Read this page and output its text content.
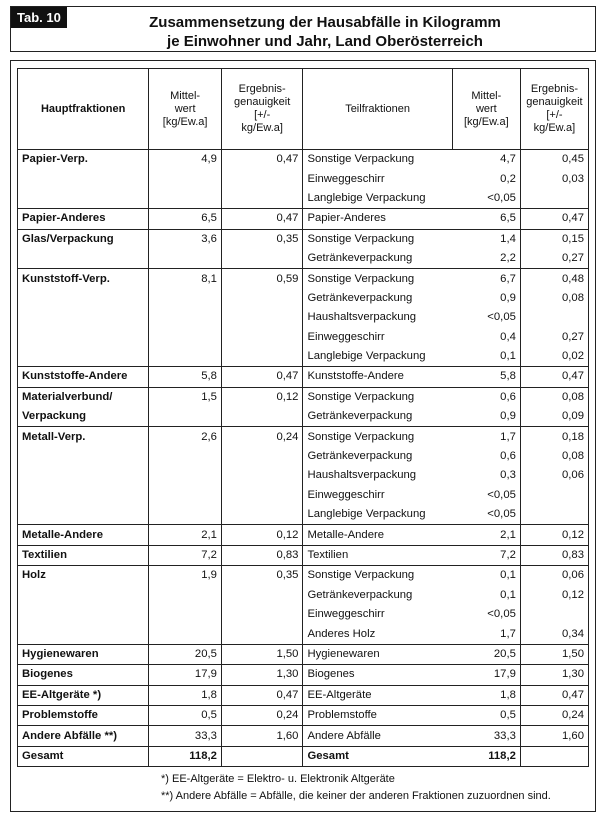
Tab. 10	Zusammensetzung der Hausabfälle in Kilogramm
je Einwohner und Jahr, Land Oberösterreich
Hauptfraktionen	Mittel-
wert
[kg/Ew.a]	Ergebnis-
genauigkeit
[+/-
kg/Ew.a]	Teilfraktionen	Mittel-
wert
[kg/Ew.a]	Ergebnis-
genauigkeit
[+/-
kg/Ew.a]
Papier-Verp.	4,9	0,47	Sonstige Verpackung	4,7	0,45
			Einweggeschirr	0,2	0,03
			Langlebige Verpackung	<0,05	
Papier-Anderes	6,5	0,47	Papier-Anderes	6,5	0,47
Glas/Verpackung	3,6	0,35	Sonstige Verpackung	1,4	0,15
			Getränkeverpackung	2,2	0,27
Kunststoff-Verp.	8,1	0,59	Sonstige Verpackung	6,7	0,48
			Getränkeverpackung	0,9	0,08
			Haushaltsverpackung	<0,05	
			Einweggeschirr	0,4	0,27
			Langlebige Verpackung	0,1	0,02
Kunststoffe-Andere	5,8	0,47	Kunststoffe-Andere	5,8	0,47
Materialverbund/	1,5	0,12	Sonstige Verpackung	0,6	0,08
Verpackung			Getränkeverpackung	0,9	0,09
Metall-Verp.	2,6	0,24	Sonstige Verpackung	1,7	0,18
			Getränkeverpackung	0,6	0,08
			Haushaltsverpackung	0,3	0,06
			Einweggeschirr	<0,05	
			Langlebige Verpackung	<0,05	
Metalle-Andere	2,1	0,12	Metalle-Andere	2,1	0,12
Textilien	7,2	0,83	Textilien	7,2	0,83
Holz	1,9	0,35	Sonstige Verpackung	0,1	0,06
			Getränkeverpackung	0,1	0,12
			Einweggeschirr	<0,05	
			Anderes Holz	1,7	0,34
Hygienewaren	20,5	1,50	Hygienewaren	20,5	1,50
Biogenes	17,9	1,30	Biogenes	17,9	1,30
EE-Altgeräte *)	1,8	0,47	EE-Altgeräte	1,8	0,47
Problemstoffe	0,5	0,24	Problemstoffe	0,5	0,24
Andere Abfälle **)	33,3	1,60	Andere Abfälle	33,3	1,60
Gesamt	118,2		Gesamt	118,2	
*) EE-Altgeräte = Elektro- u. Elektronik Altgeräte
**) Andere Abfälle = Abfälle, die keiner der anderen Fraktionen zuzuordnen sind.
